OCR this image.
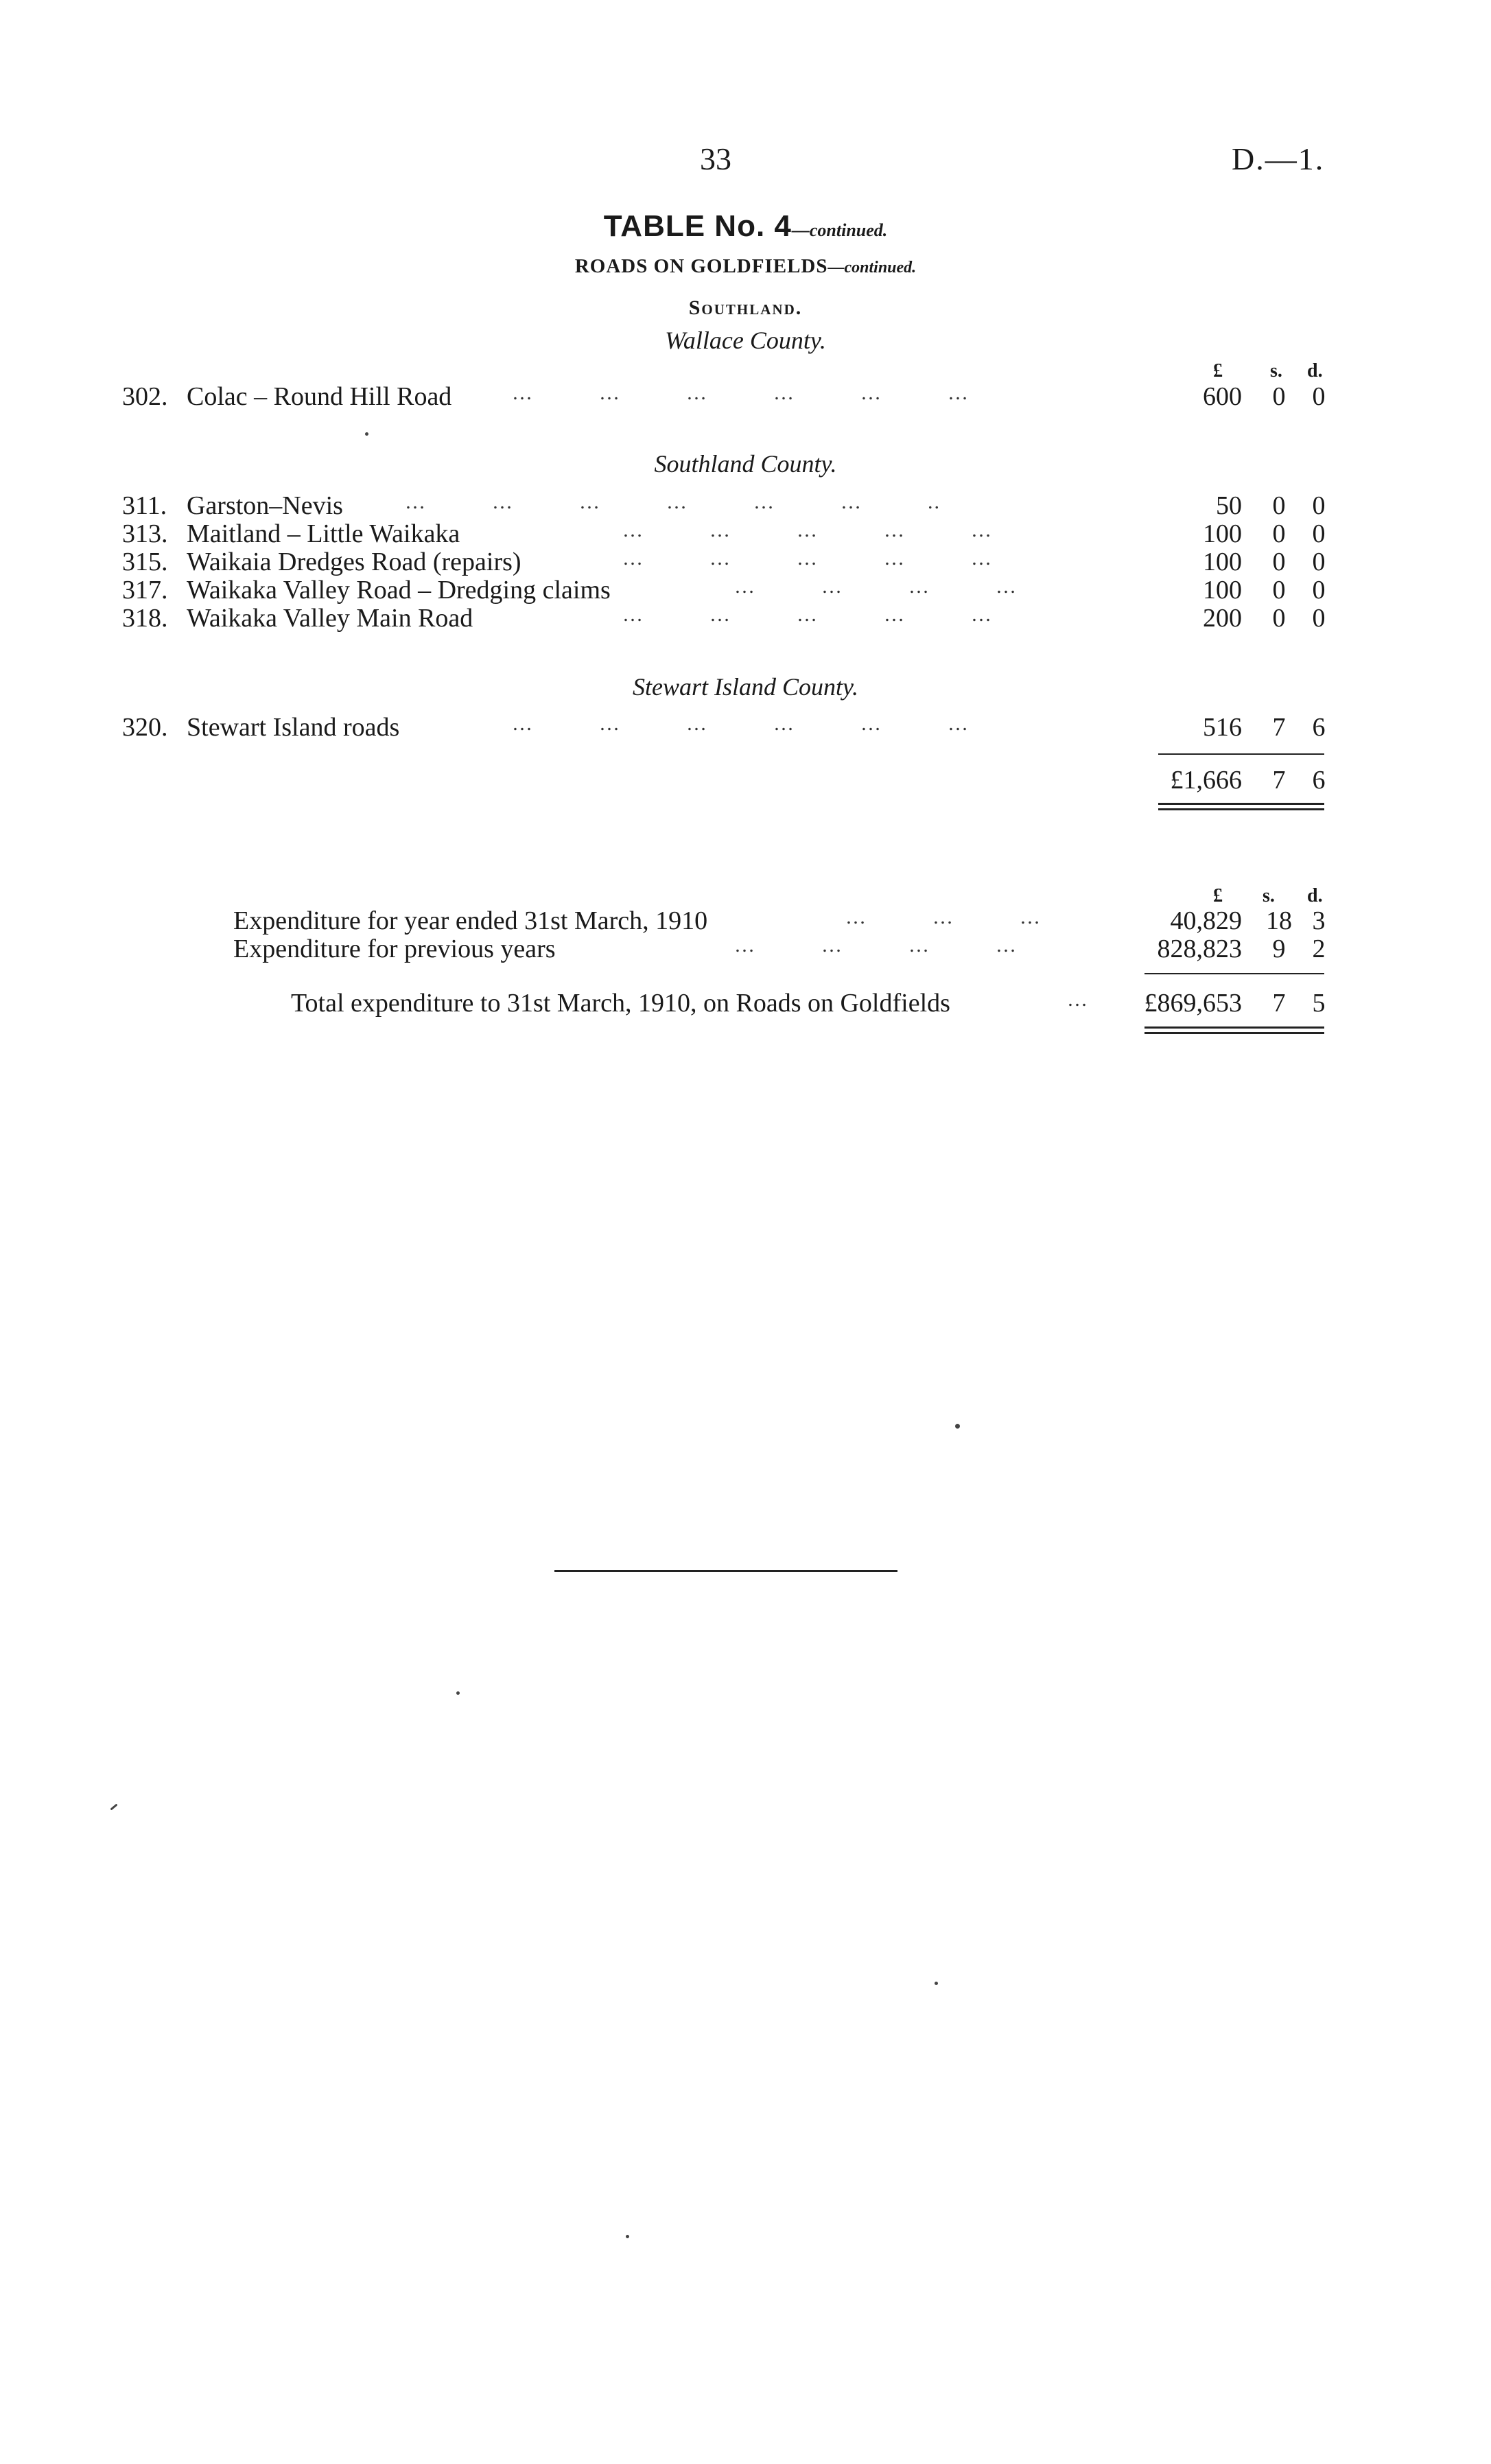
33	D.—1.
TABLE No. 4—continued.
ROADS ON GOLDFIELDS—continued.
Southland.
Wallace County.
£ s. d.
302. Colac – Round Hill Road	…          …          …          …          …          …	600 0 0
Southland County.
311. Garston–Nevis	…          …          …          …          …          …          ..	50 0 0
313. Maitland – Little Waikaka	…          …          …          …          …	100 0 0
315. Waikaia Dredges Road (repairs)	…          …          …          …          …	100 0 0
317. Waikaka Valley Road – Dredging claims	…          …          …          …	100 0 0
318. Waikaka Valley Main Road	…          …          …          …          …	200 0 0
Stewart Island County.
320. Stewart Island roads	…          …          …          …          …          …	516 7 6
£1,666 7 6
£ s. d.
Expenditure for year ended 31st March, 1910	…          …          …	40,829 18 3
Expenditure for previous years	…          …          …          …	828,823	9	2
Total expenditure to 31st March, 1910, on Roads on Goldfields	… £869,653	7	5
